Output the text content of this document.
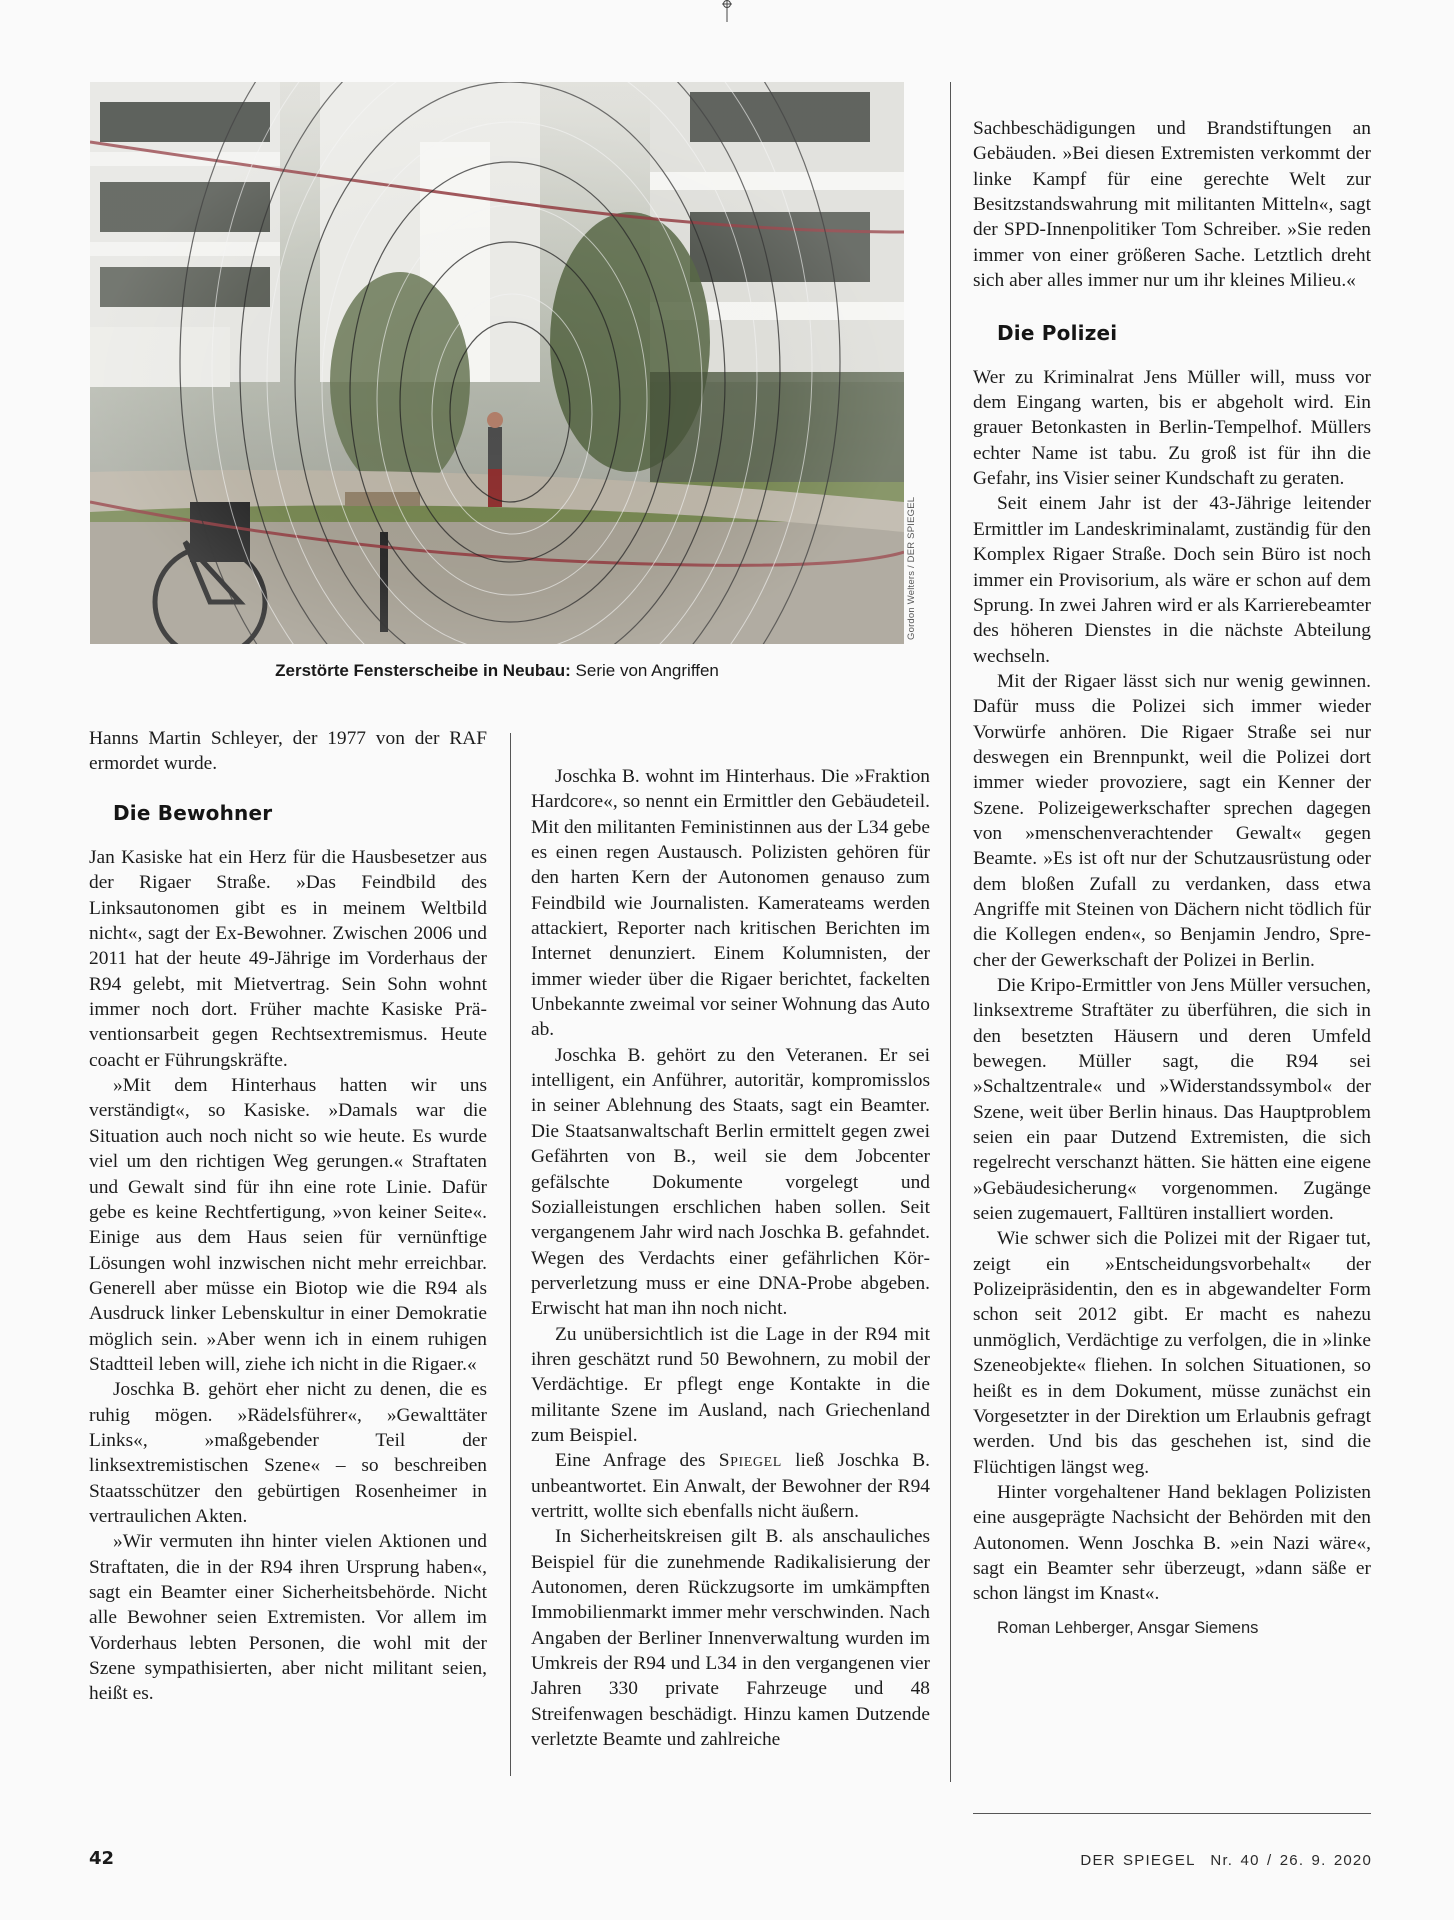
Gordon Welters / DER SPIEGEL
Zerstörte Fensterscheibe in Neubau: Serie von Angriffen

Hanns Martin Schleyer, der 1977 von der RAF ermordet wurde.

Die Bewohner

Jan Kasiske hat ein Herz für die Hausbesetzer aus der Rigaer Straße. »Das Feindbild des Linksautonomen gibt es in meinem Weltbild nicht«, sagt der Ex-Bewohner. Zwischen 2006 und 2011 hat der heute 49-Jährige im Vorderhaus der R94 gelebt, mit Mietvertrag. Sein Sohn wohnt immer noch dort. Früher machte Kasiske Präventionsarbeit gegen Rechtsextremismus. Heute coacht er Führungskräfte.

»Mit dem Hinterhaus hatten wir uns verständigt«, so Kasiske. »Damals war die Situation auch noch nicht so wie heute. Es wurde viel um den richtigen Weg gerungen.« Straftaten und Gewalt sind für ihn eine rote Linie. Dafür gebe es keine Rechtfertigung, »von keiner Seite«. Einige aus dem Haus seien für vernünftige Lösungen wohl inzwischen nicht mehr erreichbar. Generell aber müsse ein Biotop wie die R94 als Ausdruck linker Lebenskultur in einer Demokratie möglich sein. »Aber wenn ich in einem ruhigen Stadtteil leben will, ziehe ich nicht in die Rigaer.«

Joschka B. gehört eher nicht zu denen, die es ruhig mögen. »Rädelsführer«, »Gewalttäter Links«, »maßgebender Teil der linksextremistischen Szene« – so beschreiben Staatsschützer den gebürtigen Rosenheimer in vertraulichen Akten.

»Wir vermuten ihn hinter vielen Aktionen und Straftaten, die in der R94 ihren Ursprung haben«, sagt ein Beamter einer Sicherheitsbehörde. Nicht alle Bewohner seien Extremisten. Vor allem im Vorderhaus lebten Personen, die wohl mit der Szene sympathisierten, aber nicht militant seien, heißt es.

Joschka B. wohnt im Hinterhaus. Die »Fraktion Hardcore«, so nennt ein Ermittler den Gebäudeteil. Mit den militanten Feministinnen aus der L34 gebe es einen regen Austausch. Polizisten gehören für den harten Kern der Autonomen genauso zum Feindbild wie Journalisten. Kamerateams werden attackiert, Reporter nach kritischen Berichten im Internet denunziert. Einem Kolumnisten, der immer wieder über die Rigaer berichtet, fackelten Unbekannte zweimal vor seiner Wohnung das Auto ab.

Joschka B. gehört zu den Veteranen. Er sei intelligent, ein Anführer, autoritär, kompromisslos in seiner Ablehnung des Staats, sagt ein Beamter. Die Staatsanwaltschaft Berlin ermittelt gegen zwei Gefährten von B., weil sie dem Jobcenter gefälschte Dokumente vorgelegt und Sozialleistungen erschlichen haben sollen. Seit vergangenem Jahr wird nach Joschka B. gefahndet. Wegen des Verdachts einer gefährlichen Körperverletzung muss er eine DNA-Probe abgeben. Erwischt hat man ihn noch nicht.

Zu unübersichtlich ist die Lage in der R94 mit ihren geschätzt rund 50 Bewohnern, zu mobil der Verdächtige. Er pflegt enge Kontakte in die militante Szene im Ausland, nach Griechenland zum Beispiel.

Eine Anfrage des Spiegel ließ Joschka B. unbeantwortet. Ein Anwalt, der Bewohner der R94 vertritt, wollte sich ebenfalls nicht äußern.

In Sicherheitskreisen gilt B. als anschauliches Beispiel für die zunehmende Radikalisierung der Autonomen, deren Rückzugsorte im umkämpften Immobilienmarkt immer mehr verschwinden. Nach Angaben der Berliner Innenverwaltung wurden im Umkreis der R94 und L34 in den vergangenen vier Jahren 330 private Fahrzeuge und 48 Streifenwagen beschädigt. Hinzu kamen Dutzende verletzte Beamte und zahlreiche

Sachbeschädigungen und Brandstiftungen an Gebäuden. »Bei diesen Extremisten verkommt der linke Kampf für eine gerechte Welt zur Besitzstandswahrung mit militanten Mitteln«, sagt der SPD-Innenpolitiker Tom Schreiber. »Sie reden immer von einer größeren Sache. Letztlich dreht sich aber alles immer nur um ihr kleines Milieu.«

Die Polizei

Wer zu Kriminalrat Jens Müller will, muss vor dem Eingang warten, bis er abgeholt wird. Ein grauer Betonkasten in Berlin-Tempelhof. Müllers echter Name ist tabu. Zu groß ist für ihn die Gefahr, ins Visier seiner Kundschaft zu geraten.

Seit einem Jahr ist der 43-Jährige leitender Ermittler im Landeskriminalamt, zuständig für den Komplex Rigaer Straße. Doch sein Büro ist noch immer ein Provisorium, als wäre er schon auf dem Sprung. In zwei Jahren wird er als Karrierebeamter des höheren Dienstes in die nächste Abteilung wechseln.

Mit der Rigaer lässt sich nur wenig gewinnen. Dafür muss die Polizei sich immer wieder Vorwürfe anhören. Die Rigaer Straße sei nur deswegen ein Brennpunkt, weil die Polizei dort immer wieder provoziere, sagt ein Kenner der Szene. Polizeigewerkschafter sprechen dagegen von »menschenverachtender Gewalt« gegen Beamte. »Es ist oft nur der Schutzausrüstung oder dem bloßen Zufall zu verdanken, dass etwa Angriffe mit Steinen von Dächern nicht tödlich für die Kollegen enden«, so Benjamin Jendro, Sprecher der Gewerkschaft der Polizei in Berlin.

Die Kripo-Ermittler von Jens Müller versuchen, linksextreme Straftäter zu überführen, die sich in den besetzten Häusern und deren Umfeld bewegen. Müller sagt, die R94 sei »Schaltzentrale« und »Widerstandssymbol« der Szene, weit über Berlin hinaus. Das Hauptproblem seien ein paar Dutzend Extremisten, die sich regelrecht verschanzt hätten. Sie hätten eine eigene »Gebäudesicherung« vorgenommen. Zugänge seien zugemauert, Falltüren installiert worden.

Wie schwer sich die Polizei mit der Rigaer tut, zeigt ein »Entscheidungsvorbehalt« der Polizeipräsidentin, den es in abgewandelter Form schon seit 2012 gibt. Er macht es nahezu unmöglich, Verdächtige zu verfolgen, die in »linke Szeneobjekte« fliehen. In solchen Situationen, so heißt es in dem Dokument, müsse zunächst ein Vorgesetzter in der Direktion um Erlaubnis gefragt werden. Und bis das geschehen ist, sind die Flüchtigen längst weg.

Hinter vorgehaltener Hand beklagen Polizisten eine ausgeprägte Nachsicht der Behörden mit den Autonomen. Wenn Joschka B. »ein Nazi wäre«, sagt ein Beamter sehr überzeugt, »dann säße er schon längst im Knast«.

Roman Lehberger, Ansgar Siemens
42	DER SPIEGEL Nr. 40 / 26. 9. 2020
